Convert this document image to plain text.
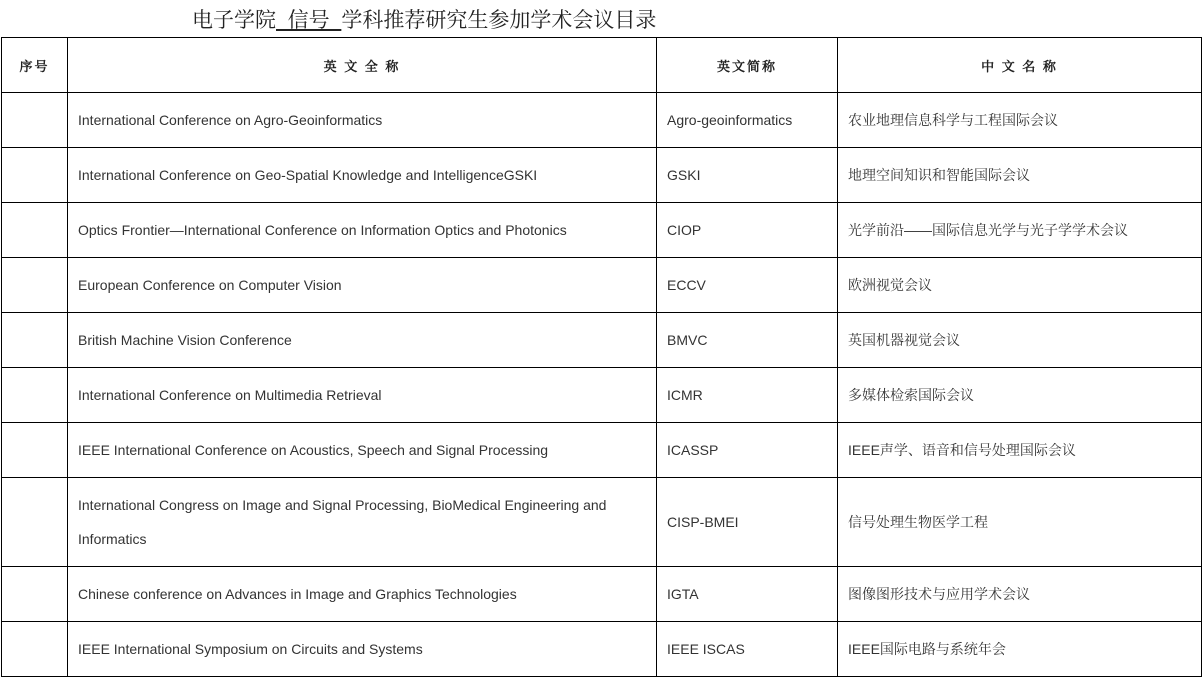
电子学院  信号  学科推荐研究生参加学术会议目录
序号	英 文 全 称	英文简称	中 文 名 称
	International Conference on Agro-Geoinformatics	Agro-geoinformatics	农业地理信息科学与工程国际会议
	International Conference on Geo-Spatial Knowledge and IntelligenceGSKI	GSKI	地理空间知识和智能国际会议
	Optics Frontier—International Conference on Information Optics and Photonics	CIOP	光学前沿——国际信息光学与光子学学术会议
	European Conference on Computer Vision	ECCV	欧洲视觉会议
	British Machine Vision Conference	BMVC	英国机器视觉会议
	International Conference on Multimedia Retrieval	ICMR	多媒体检索国际会议
	IEEE International Conference on Acoustics, Speech and Signal Processing	ICASSP	IEEE声学、语音和信号处理国际会议
	International Congress on Image and Signal Processing, BioMedical Engineering and Informatics	CISP-BMEI	信号处理生物医学工程
	Chinese conference on Advances in Image and Graphics Technologies	IGTA	图像图形技术与应用学术会议
	IEEE International Symposium on Circuits and Systems	IEEE ISCAS	IEEE国际电路与系统年会
